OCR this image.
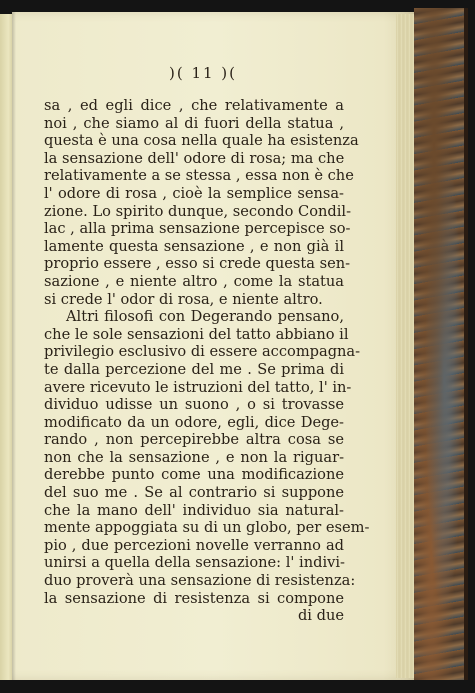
)( 11 )(
sa , ed egli dice , che relativamente a
noi , che siamo al di fuori della statua ,
questa è una cosa nella quale ha esistenza
la sensazione dell' odore di rosa; ma che
relativamente a se stessa , essa non è che
l' odore di rosa , cioè la semplice sensa-
zione. Lo spirito dunque, secondo Condil-
lac , alla prima sensazione percepisce so-
lamente questa sensazione , e non già il
proprio essere , esso si crede questa sen-
sazione , e niente altro , come la statua
si crede l' odor di rosa, e niente altro.
Altri filosofi con Degerando pensano,
che le sole sensazioni del tatto abbiano il
privilegio esclusivo di essere accompagna-
te dalla percezione del me . Se prima di
avere ricevuto le istruzioni del tatto, l' in-
dividuo udisse un suono , o si trovasse
modificato da un odore, egli, dice Dege-
rando , non percepirebbe altra cosa se
non che la sensazione , e non la riguar-
derebbe punto come una modificazione
del suo me . Se al contrario si suppone
che la mano dell' individuo sia natural-
mente appoggiata su di un globo, per esem-
pio , due percezioni novelle verranno ad
unirsi a quella della sensazione: l' indivi-
duo proverà una sensazione di resistenza:
la sensazione di resistenza si compone
di due
